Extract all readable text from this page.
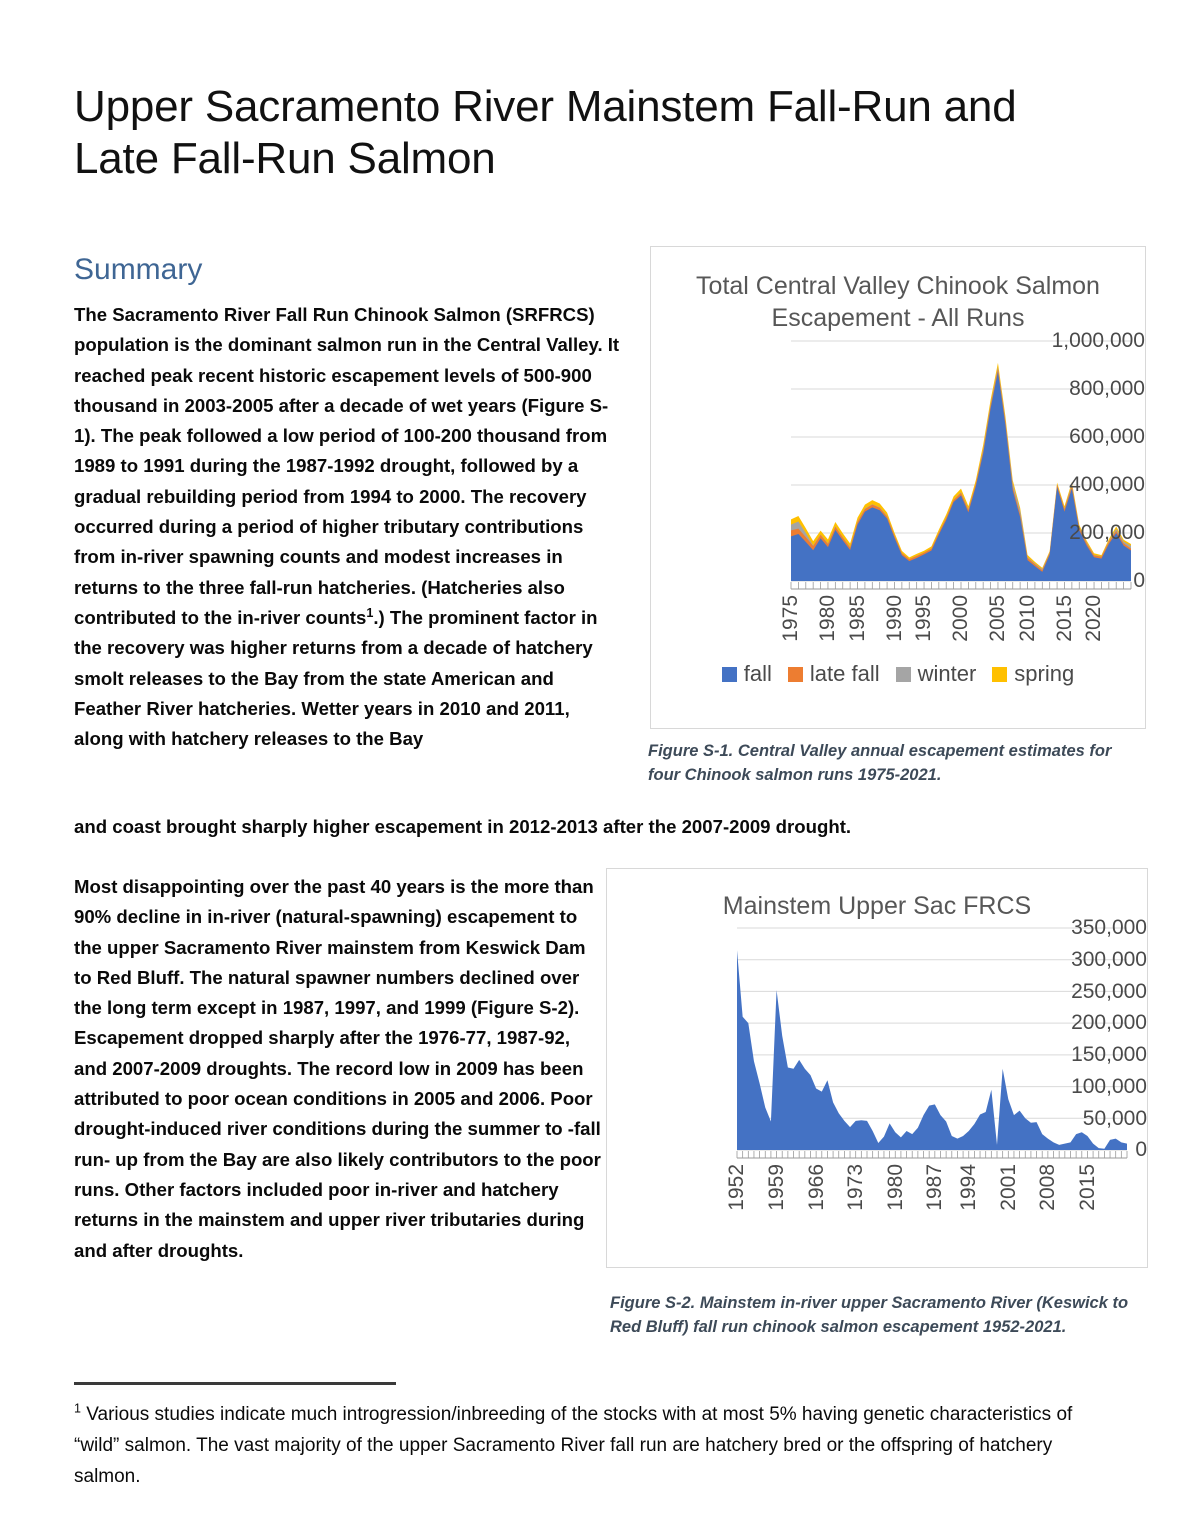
Upper Sacramento River Mainstem Fall-Run and Late Fall-Run Salmon
Summary
The Sacramento River Fall Run Chinook Salmon (SRFRCS) population is the dominant salmon run in the Central Valley. It reached peak recent historic escapement levels of 500-900 thousand in 2003-2005 after a decade of wet years (Figure S-1). The peak followed a low period of 100-200 thousand from 1989 to 1991 during the 1987-1992 drought, followed by a gradual rebuilding period from 1994 to 2000. The recovery occurred during a period of higher tributary contributions from in-river spawning counts and modest increases in returns to the three fall-run hatcheries. (Hatcheries also contributed to the in-river counts$^1$.) The prominent factor in the recovery was higher returns from a decade of hatchery smolt releases to the Bay from the state American and Feather River hatcheries. Wetter years in 2010 and 2011, along with hatchery releases to the Bay
and coast brought sharply higher escapement in 2012-2013 after the 2007-2009 drought.
Most disappointing over the past 40 years is the more than 90% decline in in-river (natural-spawning) escapement to the upper Sacramento River mainstem from Keswick Dam to Red Bluff. The natural spawner numbers declined over the long term except in 1987, 1997, and 1999 (Figure S-2). Escapement dropped sharply after the 1976-77, 1987-92, and 2007-2009 droughts. The record low in 2009 has been attributed to poor ocean conditions in 2005 and 2006. Poor drought-induced river conditions during the summer to -fall run- up from the Bay are also likely contributors to the poor runs. Other factors included poor in-river and hatchery returns in the mainstem and upper river tributaries during and after droughts.
Total Central Valley Chinook Salmon Escapement - All Runs
0
200,000
400,000
600,000
800,000
1,000,000
1975 1980 1985 1990 1995 2000 2005 2010 2015 2020
fall late fall winter spring
Figure S-1. Central Valley annual escapement estimates for four Chinook salmon runs 1975-2021.
Mainstem Upper Sac FRCS
0
50,000
100,000
150,000
200,000
250,000
300,000
350,000
1952 1959 1966 1973 1980 1987 1994 2001 2008 2015
Figure S-2. Mainstem in-river upper Sacramento River (Keswick to Red Bluff) fall run chinook salmon escapement 1952-2021.
$^1$ Various studies indicate much introgression/inbreeding of the stocks with at most 5% having genetic characteristics of “wild” salmon. The vast majority of the upper Sacramento River fall run are hatchery bred or the offspring of hatchery salmon.
